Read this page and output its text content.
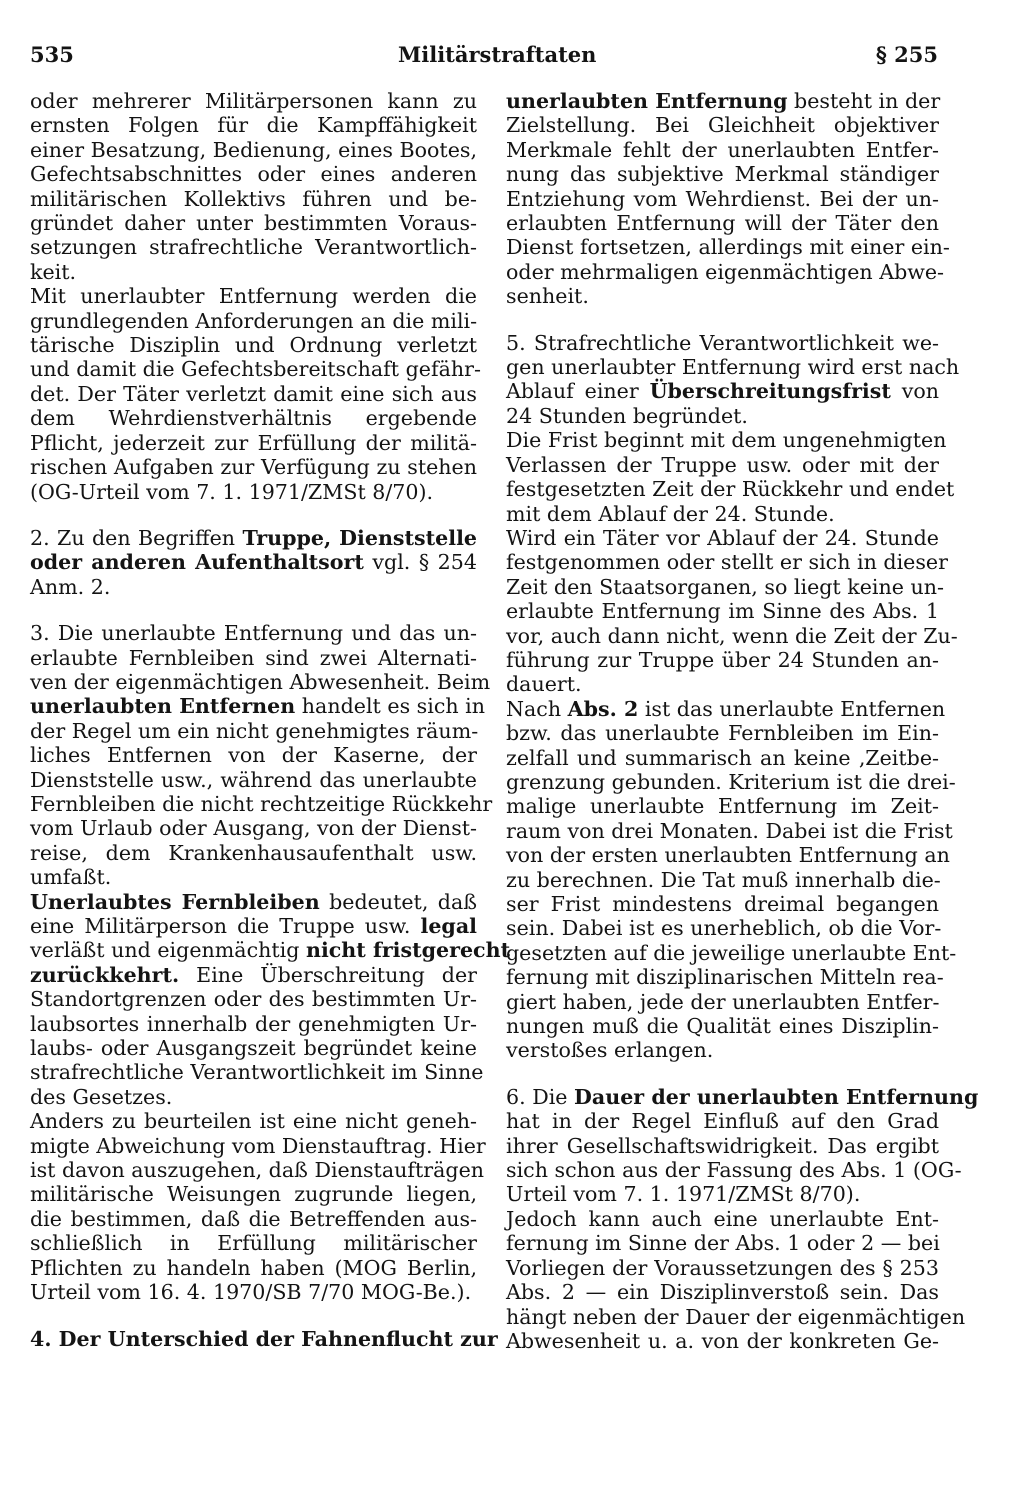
535	Militärstraftaten	§ 255
oder mehrerer Militärpersonen kann zu
ernsten Folgen für die Kampffähigkeit
einer Besatzung, Bedienung, eines Bootes,
Gefechtsabschnittes oder eines anderen
militärischen Kollektivs führen und be-
gründet daher unter bestimmten Voraus-
setzungen strafrechtliche Verantwortlich-
keit.
Mit unerlaubter Entfernung werden die
grundlegenden Anforderungen an die mili-
tärische Disziplin und Ordnung verletzt
und damit die Gefechtsbereitschaft gefähr-
det. Der Täter verletzt damit eine sich aus
dem Wehrdienstverhältnis ergebende
Pflicht, jederzeit zur Erfüllung der militä-
rischen Aufgaben zur Verfügung zu stehen
(OG-Urteil vom 7. 1. 1971/ZMSt 8/70).
2. Zu den Begriffen Truppe, Dienststelle
oder anderen Aufenthaltsort vgl. § 254
Anm. 2.
3. Die unerlaubte Entfernung und das un-
erlaubte Fernbleiben sind zwei Alternati-
ven der eigenmächtigen Abwesenheit. Beim
unerlaubten Entfernen handelt es sich in
der Regel um ein nicht genehmigtes räum-
liches Entfernen von der Kaserne, der
Dienststelle usw., während das unerlaubte
Fernbleiben die nicht rechtzeitige Rückkehr
vom Urlaub oder Ausgang, von der Dienst-
reise, dem Krankenhausaufenthalt usw.
umfaßt.
Unerlaubtes Fernbleiben bedeutet, daß
eine Militärperson die Truppe usw. legal
verläßt und eigenmächtig nicht fristgerecht
zurückkehrt. Eine Überschreitung der
Standortgrenzen oder des bestimmten Ur-
laubsortes innerhalb der genehmigten Ur-
laubs- oder Ausgangszeit begründet keine
strafrechtliche Verantwortlichkeit im Sinne
des Gesetzes.
Anders zu beurteilen ist eine nicht geneh-
migte Abweichung vom Dienstauftrag. Hier
ist davon auszugehen, daß Dienstaufträgen
militärische Weisungen zugrunde liegen,
die bestimmen, daß die Betreffenden aus-
schließlich in Erfüllung militärischer
Pflichten zu handeln haben (MOG Berlin,
Urteil vom 16. 4. 1970/SB 7/70 MOG-Be.).
4. Der Unterschied der Fahnenflucht zur
unerlaubten Entfernung besteht in der
Zielstellung. Bei Gleichheit objektiver
Merkmale fehlt der unerlaubten Entfer-
nung das subjektive Merkmal ständiger
Entziehung vom Wehrdienst. Bei der un-
erlaubten Entfernung will der Täter den
Dienst fortsetzen, allerdings mit einer ein-
oder mehrmaligen eigenmächtigen Abwe-
senheit.
5. Strafrechtliche Verantwortlichkeit we-
gen unerlaubter Entfernung wird erst nach
Ablauf einer Überschreitungsfrist von
24 Stunden begründet.
Die Frist beginnt mit dem ungenehmigten
Verlassen der Truppe usw. oder mit der
festgesetzten Zeit der Rückkehr und endet
mit dem Ablauf der 24. Stunde.
Wird ein Täter vor Ablauf der 24. Stunde
festgenommen oder stellt er sich in dieser
Zeit den Staatsorganen, so liegt keine un-
erlaubte Entfernung im Sinne des Abs. 1
vor, auch dann nicht, wenn die Zeit der Zu-
führung zur Truppe über 24 Stunden an-
dauert.
Nach Abs. 2 ist das unerlaubte Entfernen
bzw. das unerlaubte Fernbleiben im Ein-
zelfall und summarisch an keine ‚Zeitbe-
grenzung gebunden. Kriterium ist die drei-
malige unerlaubte Entfernung im Zeit-
raum von drei Monaten. Dabei ist die Frist
von der ersten unerlaubten Entfernung an
zu berechnen. Die Tat muß innerhalb die-
ser Frist mindestens dreimal begangen
sein. Dabei ist es unerheblich, ob die Vor-
gesetzten auf die jeweilige unerlaubte Ent-
fernung mit disziplinarischen Mitteln rea-
giert haben, jede der unerlaubten Entfer-
nungen muß die Qualität eines Disziplin-
verstoßes erlangen.
6. Die Dauer der unerlaubten Entfernung
hat in der Regel Einfluß auf den Grad
ihrer Gesellschaftswidrigkeit. Das ergibt
sich schon aus der Fassung des Abs. 1 (OG-
Urteil vom 7. 1. 1971/ZMSt 8/70).
Jedoch kann auch eine unerlaubte Ent-
fernung im Sinne der Abs. 1 oder 2 — bei
Vorliegen der Voraussetzungen des § 253
Abs. 2 — ein Disziplinverstoß sein. Das
hängt neben der Dauer der eigenmächtigen
Abwesenheit u. a. von der konkreten Ge-
